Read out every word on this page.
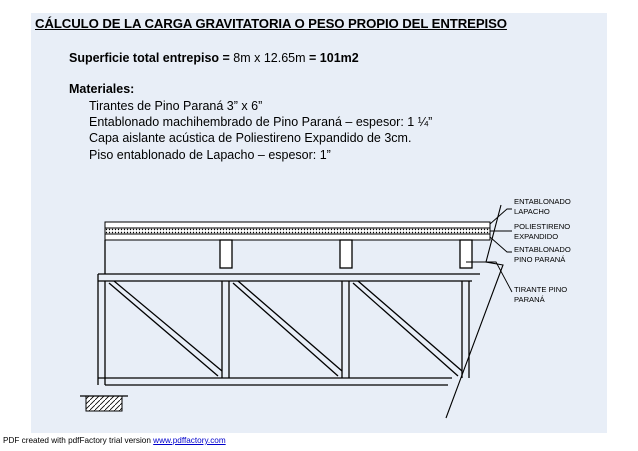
CÁLCULO DE LA CARGA GRAVITATORIA O PESO PROPIO DEL ENTREPISO
Superficie total entrepiso = 8m x 12.65m = 101m2
Materiales:
Tirantes de Pino Paraná 3” x 6”
Entablonado machihembrado de Pino Paraná – espesor: 1 ¼”
Capa aislante acústica de Poliestireno Expandido de 3cm.
Piso entablonado de Lapacho – espesor: 1”
ENTABLONADO
LAPACHO
POLIESTIRENO
EXPANDIDO
ENTABLONADO
PINO PARANÁ
TIRANTE PINO
PARANÁ
PDF created with pdfFactory trial version www.pdffactory.com
